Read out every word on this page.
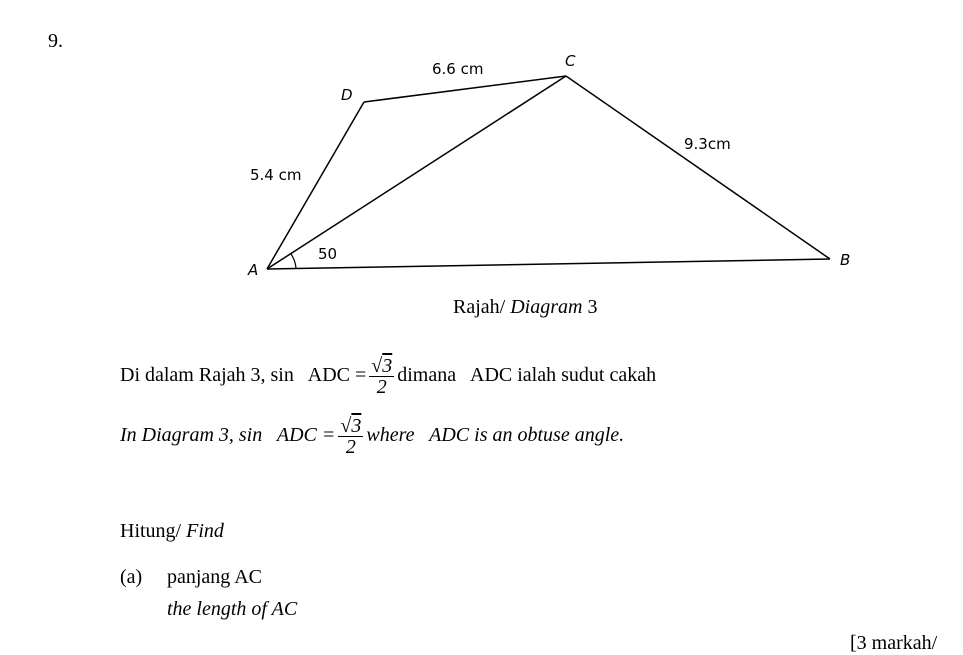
9.
A
B
C
D
6.6 cm
5.4 cm
9.3cm
50
Rajah/ Diagram 3
Di dalam Rajah 3, sin   ADC = $\frac{√3}{2}$ dimana   ADC ialah sudut cakah
In Diagram 3, sin   ADC = $\frac{√3}{2}$ where   ADC is an obtuse angle.
Hitung/ Find
(a) panjang AC
the length of AC
[3 markah/
